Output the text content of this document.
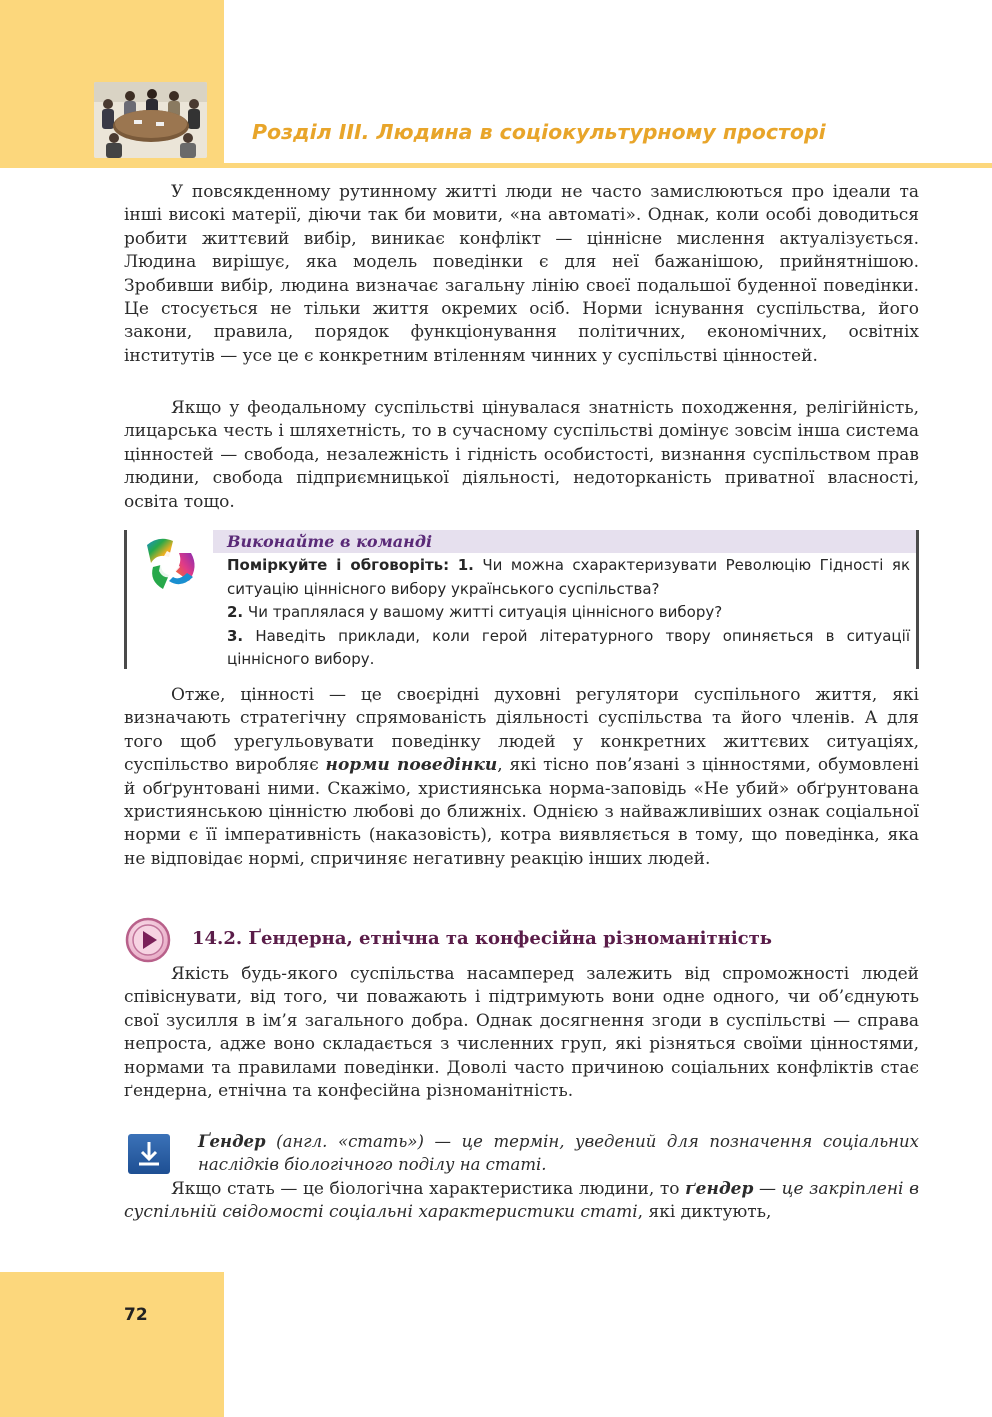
Розділ ІІІ. Людина в соціокультурному просторі

У повсякденному рутинному житті люди не часто замислюються про ідеали та інші високі матерії, діючи так би мовити, «на автоматі». Однак, коли особі доводиться робити життєвий вибір, виникає конфлікт — ціннісне мислення актуалізується. Людина вирішує, яка модель поведінки є для неї бажанішою, прийнятнішою. Зробивши вибір, людина визначає загальну лінію своєї подальшої буденної поведінки. Це стосується не тільки життя окремих осіб. Норми існування суспільства, його закони, правила, порядок функціонування політичних, економічних, освітніх інститутів — усе це є конкретним втіленням чинних у суспільстві цінностей.

Якщо у феодальному суспільстві цінувалася знатність походження, релігійність, лицарська честь і шляхетність, то в сучасному суспільстві домінує зовсім інша система цінностей — свобода, незалежність і гідність особистості, визнання суспільством прав людини, свобода підприємницької діяльності, недоторканість приватної власності, освіта тощо.

Виконайте в команді
Поміркуйте і обговоріть: 1. Чи можна схарактеризувати Революцію Гідності як ситуацію ціннісного вибору українського суспільства?
2. Чи траплялася у вашому житті ситуація ціннісного вибору?
3. Наведіть приклади, коли герой літературного твору опиняється в ситуації ціннісного вибору.

Отже, цінності — це своєрідні духовні регулятори суспільного життя, які визначають стратегічну спрямованість діяльності суспільства та його членів. А для того щоб урегульовувати поведінку людей у конкретних життєвих ситуаціях, суспільство виробляє норми поведінки, які тісно пов’язані з цінностями, обумовлені й обґрунтовані ними. Скажімо, християнська норма-заповідь «Не убий» обґрунтована християнською цінністю любові до ближніх. Однією з найважливіших ознак соціальної норми є її імперативність (наказовість), котра виявляється в тому, що поведінка, яка не відповідає нормі, спричиняє негативну реакцію інших людей.

14.2. Ґендерна, етнічна та конфесійна різноманітність

Якість будь-якого суспільства насамперед залежить від спроможності людей співіснувати, від того, чи поважають і підтримують вони одне одного, чи об’єднують свої зусилля в ім’я загального добра. Однак досягнення згоди в суспільстві — справа непроста, адже воно складається з численних груп, які різняться своїми цінностями, нормами та правилами поведінки. Доволі часто причиною соціальних конфліктів стає ґендерна, етнічна та конфесійна різноманітність.

Ґендер (англ. «стать») — це термін, уведений для позначення соціальних наслідків біологічного поділу на статі.

Якщо стать — це біологічна характеристика людини, то ґендер — це закріплені в суспільній свідомості соціальні характеристики статі, які диктують,

72
